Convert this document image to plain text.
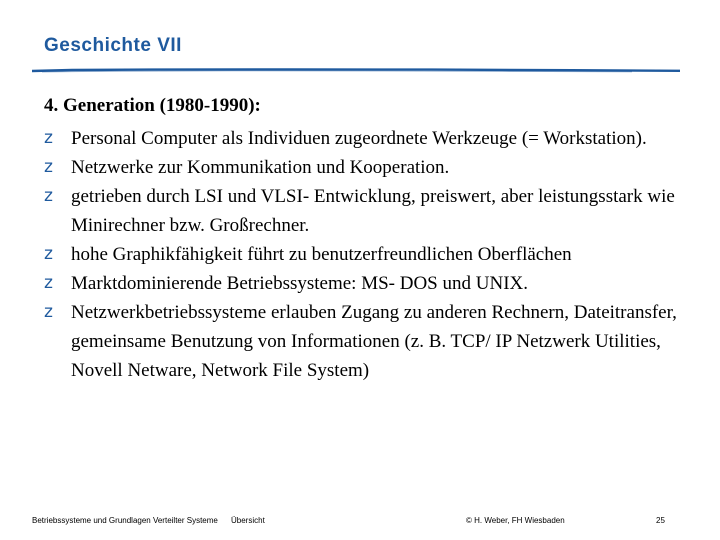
Geschichte VII
4. Generation (1980-1990):
z Personal Computer als Individuen zugeordnete Werkzeuge (= Workstation).
z Netzwerke zur Kommunikation und Kooperation.
z getrieben durch LSI und VLSI- Entwicklung, preiswert, aber leistungsstark wie Minirechner bzw. Großrechner.
z hohe Graphikfähigkeit führt zu benutzerfreundlichen Oberflächen
z Marktdominierende Betriebssysteme: MS- DOS und UNIX.
z Netzwerkbetriebssysteme erlauben Zugang zu anderen Rechnern, Dateitransfer, gemeinsame Benutzung von Informationen (z. B. TCP/ IP Netzwerk Utilities, Novell Netware, Network File System)
Betriebssysteme und Grundlagen Verteilter Systeme Übersicht	© H. Weber, FH Wiesbaden	25
